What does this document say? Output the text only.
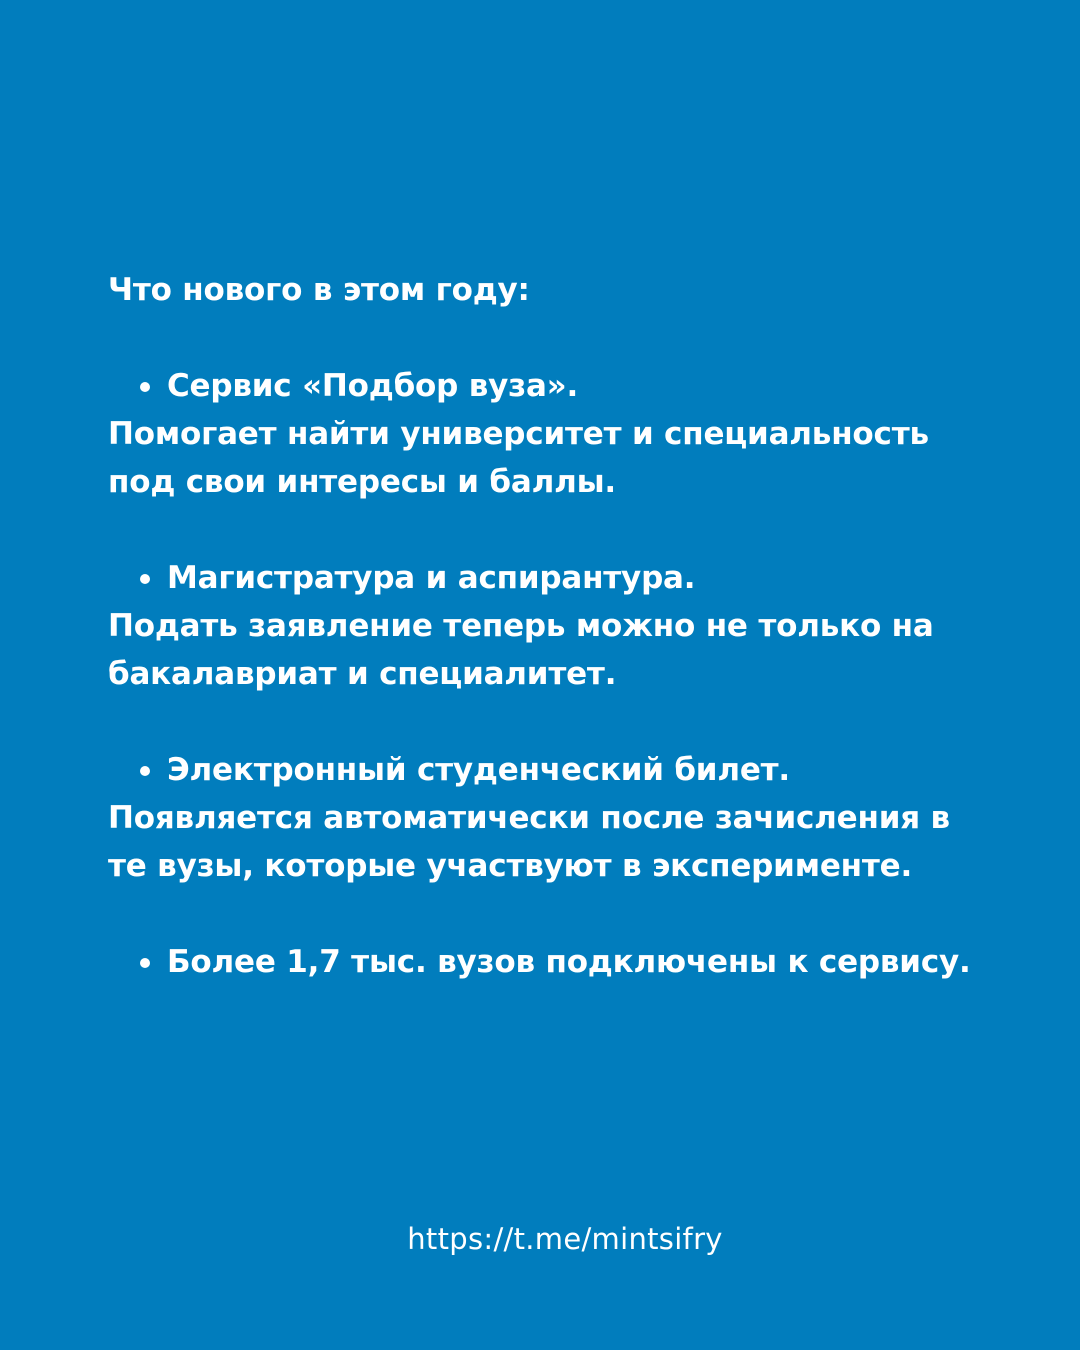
Что нового в этом году:

Сервис «Подбор вуза».
Помогает найти университет и специальность под свои интересы и баллы.
Магистратура и аспирантура.
Подать заявление теперь можно не только на бакалавриат и специалитет.
Электронный студенческий билет.
Появляется автоматически после зачисления в те вузы, которые участвуют в эксперименте.
Более 1,7 тыс. вузов подключены к сервису.
https://t.me/mintsifry
